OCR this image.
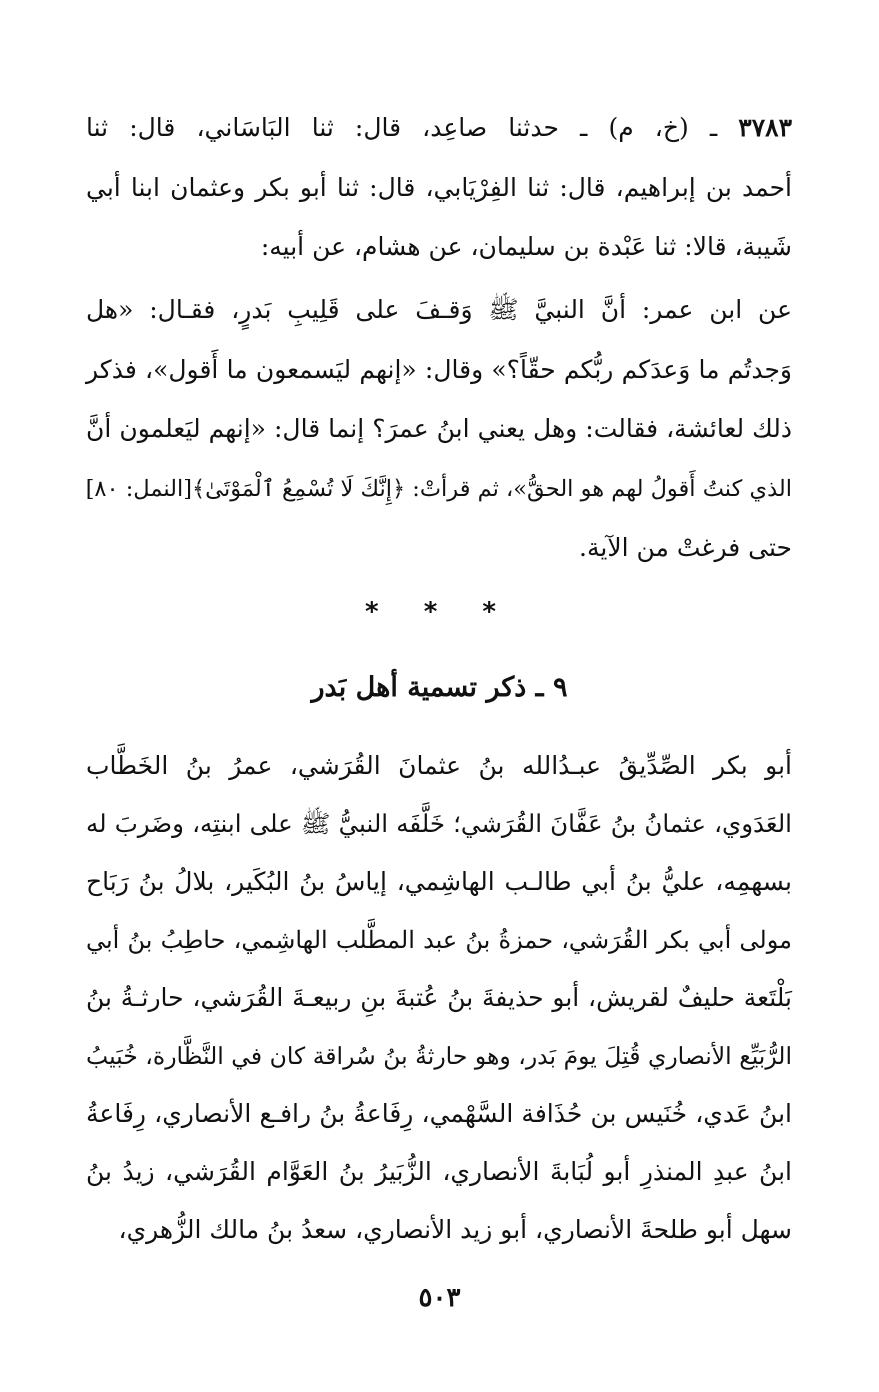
٣٧٨٣ ـ (خ، م) ـ حدثنا صاعِد، قال: ثنا البَاسَاني، قال: ثنا
أحمد بن إبراهيم، قال: ثنا الفِرْيَابي، قال: ثنا أبو بكر وعثمان ابنا أبي
شَيبة، قالا: ثنا عَبْدة بن سليمان، عن هشام، عن أبيه:
عن ابن عمر: أنَّ النبيَّ ﷺ وَقـفَ على قَلِيبِ بَدرٍ، فقـال: «هل
وَجدتُم ما وَعدَكم ربُّكم حقّاً؟» وقال: «إنهم ليَسمعون ما أَقول»، فذكر
ذلك لعائشة، فقالت: وهل يعني ابنُ عمرَ؟ إنما قال: «إنهم ليَعلمون أنَّ
الذي كنتُ أَقولُ لهم هو الحقُّ»، ثم قرأتْ: ﴿إِنَّكَ لَا تُسْمِعُ ٱلْمَوْتَىٰ﴾[النمل: ٨٠]
حتى فرغتْ من الآية.
* * *
٩ ـ ذكر تسمية أهل بَدر
أبو بكر الصِّدِّيقُ عبـدُالله بنُ عثمانَ القُرَشي، عمرُ بنُ الخَطَّاب
العَدَوي، عثمانُ بنُ عَفَّانَ القُرَشي؛ خَلَّفَه النبيُّ ﷺ على ابنتِه، وضَربَ له
بسهمِه، عليُّ بنُ أبي طالـب الهاشِمي، إياسُ بنُ البُكَير، بلالُ بنُ رَبَاح
مولى أبي بكر القُرَشي، حمزةُ بنُ عبد المطَّلب الهاشِمي، حاطِبُ بنُ أبي
بَلْتَعة حليفٌ لقريش، أبو حذيفةَ بنُ عُتبةَ بنِ ربيعـةَ القُرَشي، حارثـةُ بنُ
الرُّبَيِّع الأنصاري قُتِلَ يومَ بَدر، وهو حارثةُ بنُ سُراقة كان في النَّظَّارة، خُبَيبُ
ابنُ عَدي، خُنَيس بن حُذَافة السَّهْمي، رِفَاعةُ بنُ رافـع الأنصاري، رِفَاعةُ
ابنُ عبدِ المنذرِ أبو لُبَابةَ الأنصاري، الزُّبَيرُ بنُ العَوَّام القُرَشي، زيدُ بنُ
سهل أبو طلحةَ الأنصاري، أبو زيد الأنصاري، سعدُ بنُ مالك الزُّهري،
٥٠٣
